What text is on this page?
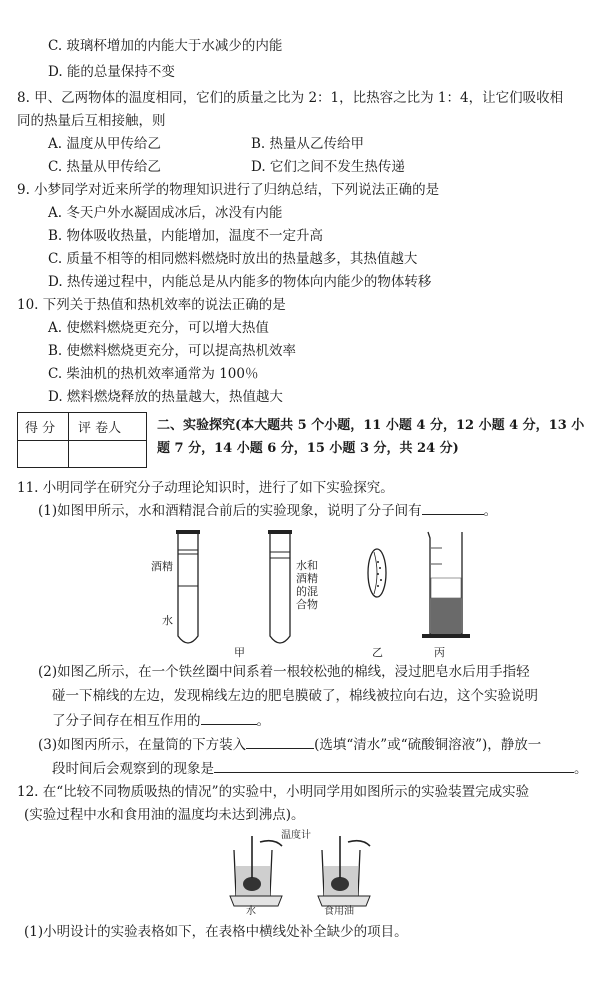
C. 玻璃杯增加的内能大于水减少的内能
D. 能的总量保持不变
8. 甲、乙两物体的温度相同，它们的质量之比为 2：1，比热容之比为 1：4，让它们吸收相
同的热量后互相接触，则
A. 温度从甲传给乙	B. 热量从乙传给甲
C. 热量从甲传给乙	D. 它们之间不发生热传递
9. 小梦同学对近来所学的物理知识进行了归纳总结，下列说法正确的是
A. 冬天户外水凝固成冰后，冰没有内能
B. 物体吸收热量，内能增加，温度不一定升高
C. 质量不相等的相同燃料燃烧时放出的热量越多，其热值越大
D. 热传递过程中，内能总是从内能多的物体向内能少的物体转移
10. 下列关于热值和热机效率的说法正确的是
A. 使燃料燃烧更充分，可以增大热值
B. 使燃料燃烧更充分，可以提高热机效率
C. 柴油机的热机效率通常为 100％
D. 燃料燃烧释放的热量越大，热值越大
得 分 评 卷人	二、实验探究(本大题共 5 个小题，11 小题 4 分，12 小题 4 分，13 小
题 7 分，14 小题 6 分，15 小题 3 分，共 24 分)
11. 小明同学在研究分子动理论知识时，进行了如下实验探究。
(1)如图甲所示，水和酒精混合前后的实验现象，说明了分子间有	。
酒精
水
水和
酒精
的混
合物
甲	乙	丙
(2)如图乙所示，在一个铁丝圈中间系着一根较松弛的棉线，浸过肥皂水后用手指轻
碰一下棉线的左边，发现棉线左边的肥皂膜破了，棉线被拉向右边，这个实验说明
了分子间存在相互作用的	。
(3)如图丙所示，在量筒的下方装入	(选填“清水”或“硫酸铜溶液”)，静放一
段时间后会观察到的现象是	。
12. 在“比较不同物质吸热的情况”的实验中，小明同学用如图所示的实验装置完成实验
(实验过程中水和食用油的温度均未达到沸点)。
温度计
水	食用油
(1)小明设计的实验表格如下，在表格中横线处补全缺少的项目。
